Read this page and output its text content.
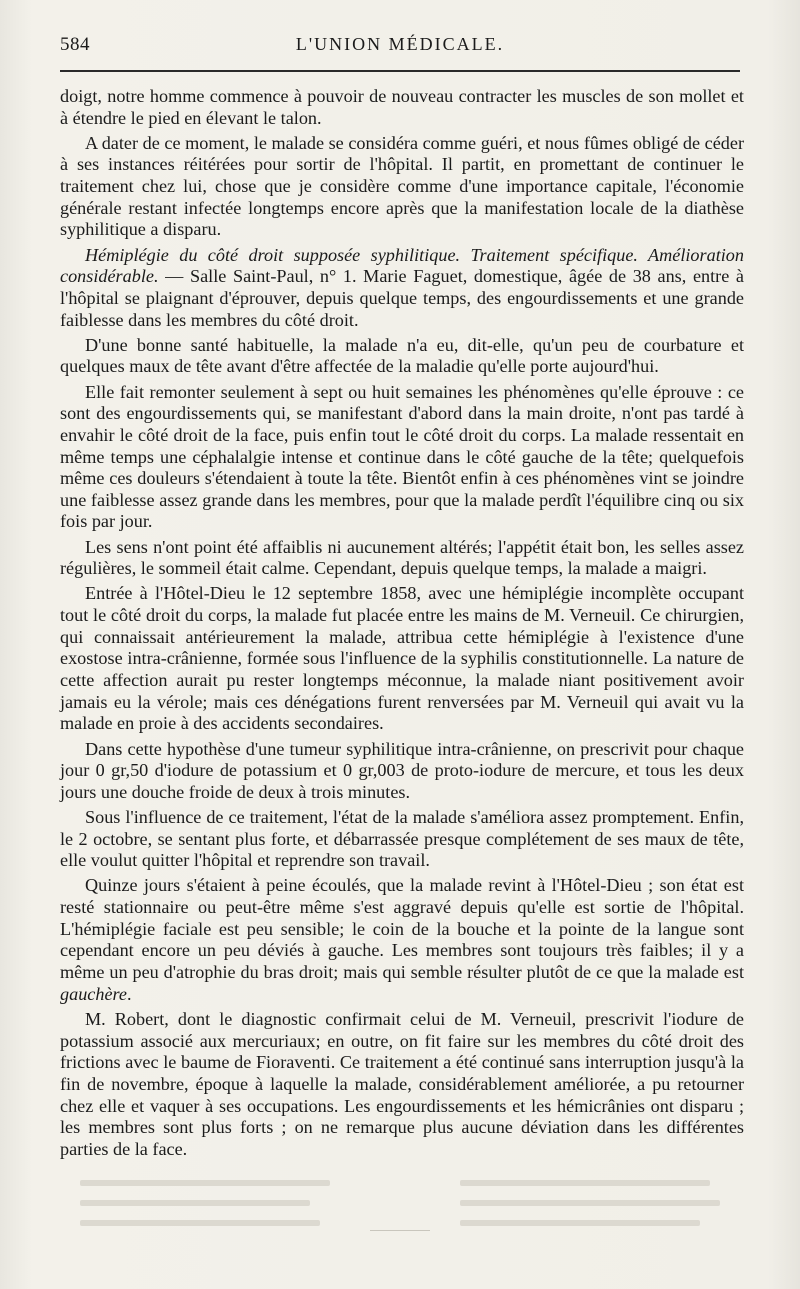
584	L'UNION MÉDICALE.

doigt, notre homme commence à pouvoir de nouveau contracter les muscles de son mollet et à étendre le pied en élevant le talon.

A dater de ce moment, le malade se considéra comme guéri, et nous fûmes obligé de céder à ses instances réitérées pour sortir de l'hôpital. Il partit, en promettant de continuer le traitement chez lui, chose que je considère comme d'une importance capitale, l'économie générale restant infectée longtemps encore après que la manifestation locale de la diathèse syphilitique a disparu.

Hémiplégie du côté droit supposée syphilitique. Traitement spécifique. Amélioration considérable. — Salle Saint-Paul, n° 1. Marie Faguet, domestique, âgée de 38 ans, entre à l'hôpital se plaignant d'éprouver, depuis quelque temps, des engourdissements et une grande faiblesse dans les membres du côté droit.

D'une bonne santé habituelle, la malade n'a eu, dit-elle, qu'un peu de courbature et quelques maux de tête avant d'être affectée de la maladie qu'elle porte aujourd'hui.

Elle fait remonter seulement à sept ou huit semaines les phénomènes qu'elle éprouve : ce sont des engourdissements qui, se manifestant d'abord dans la main droite, n'ont pas tardé à envahir le côté droit de la face, puis enfin tout le côté droit du corps. La malade ressentait en même temps une céphalalgie intense et continue dans le côté gauche de la tête; quelquefois même ces douleurs s'étendaient à toute la tête. Bientôt enfin à ces phénomènes vint se joindre une faiblesse assez grande dans les membres, pour que la malade perdît l'équilibre cinq ou six fois par jour.

Les sens n'ont point été affaiblis ni aucunement altérés; l'appétit était bon, les selles assez régulières, le sommeil était calme. Cependant, depuis quelque temps, la malade a maigri.

Entrée à l'Hôtel-Dieu le 12 septembre 1858, avec une hémiplégie incomplète occupant tout le côté droit du corps, la malade fut placée entre les mains de M. Verneuil. Ce chirurgien, qui connaissait antérieurement la malade, attribua cette hémiplégie à l'existence d'une exostose intra-crânienne, formée sous l'influence de la syphilis constitutionnelle. La nature de cette affection aurait pu rester longtemps méconnue, la malade niant positivement avoir jamais eu la vérole; mais ces dénégations furent renversées par M. Verneuil qui avait vu la malade en proie à des accidents secondaires.

Dans cette hypothèse d'une tumeur syphilitique intra-crânienne, on prescrivit pour chaque jour 0 gr,50 d'iodure de potassium et 0 gr,003 de proto-iodure de mercure, et tous les deux jours une douche froide de deux à trois minutes.

Sous l'influence de ce traitement, l'état de la malade s'améliora assez promptement. Enfin, le 2 octobre, se sentant plus forte, et débarrassée presque complétement de ses maux de tête, elle voulut quitter l'hôpital et reprendre son travail.

Quinze jours s'étaient à peine écoulés, que la malade revint à l'Hôtel-Dieu ; son état est resté stationnaire ou peut-être même s'est aggravé depuis qu'elle est sortie de l'hôpital. L'hémiplégie faciale est peu sensible; le coin de la bouche et la pointe de la langue sont cependant encore un peu déviés à gauche. Les membres sont toujours très faibles; il y a même un peu d'atrophie du bras droit; mais qui semble résulter plutôt de ce que la malade est gauchère.

M. Robert, dont le diagnostic confirmait celui de M. Verneuil, prescrivit l'iodure de potassium associé aux mercuriaux; en outre, on fit faire sur les membres du côté droit des frictions avec le baume de Fioraventi. Ce traitement a été continué sans interruption jusqu'à la fin de novembre, époque à laquelle la malade, considérablement améliorée, a pu retourner chez elle et vaquer à ses occupations. Les engourdissements et les hémicrânies ont disparu ; les membres sont plus forts ; on ne remarque plus aucune déviation dans les différentes parties de la face.
